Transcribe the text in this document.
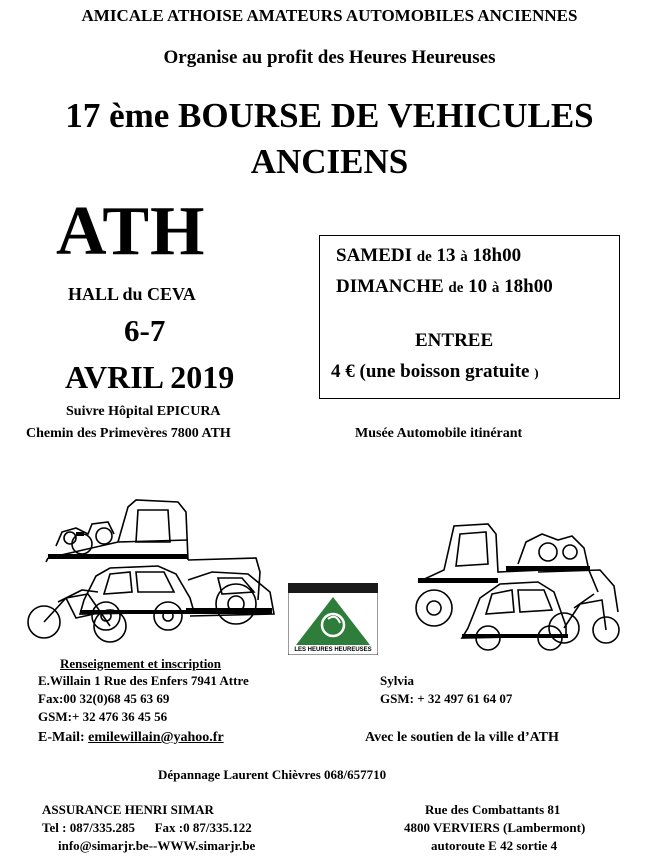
AMICALE ATHOISE AMATEURS AUTOMOBILES ANCIENNES
Organise au profit des Heures Heureuses
17 ème BOURSE DE VEHICULES
ANCIENS
ATH
HALL du CEVA
6-7
AVRIL 2019
Suivre Hôpital EPICURA
Chemin des Primevères 7800 ATH
SAMEDI de 13 à 18h00
DIMANCHE de 10 à 18h00
ENTREE
4 € (une boisson gratuite )
Musée Automobile itinérant
LES HEURES HEUREUSES
Renseignement et inscription
E.Willain 1 Rue des Enfers 7941 Attre
Fax:00 32(0)68 45 63 69
GSM:+ 32 476 36 45 56
E-Mail: emilewillain@yahoo.fr
Sylvia
GSM: + 32 497 61 64 07
Avec le soutien de la ville d’ATH
Dépannage Laurent Chièvres 068/657710
ASSURANCE HENRI SIMAR
Tel : 087/335.285 Fax :0 87/335.122
info@simarjr.be--WWW.simarjr.be
Rue des Combattants 81
4800 VERVIERS (Lambermont)
autoroute E 42 sortie 4
